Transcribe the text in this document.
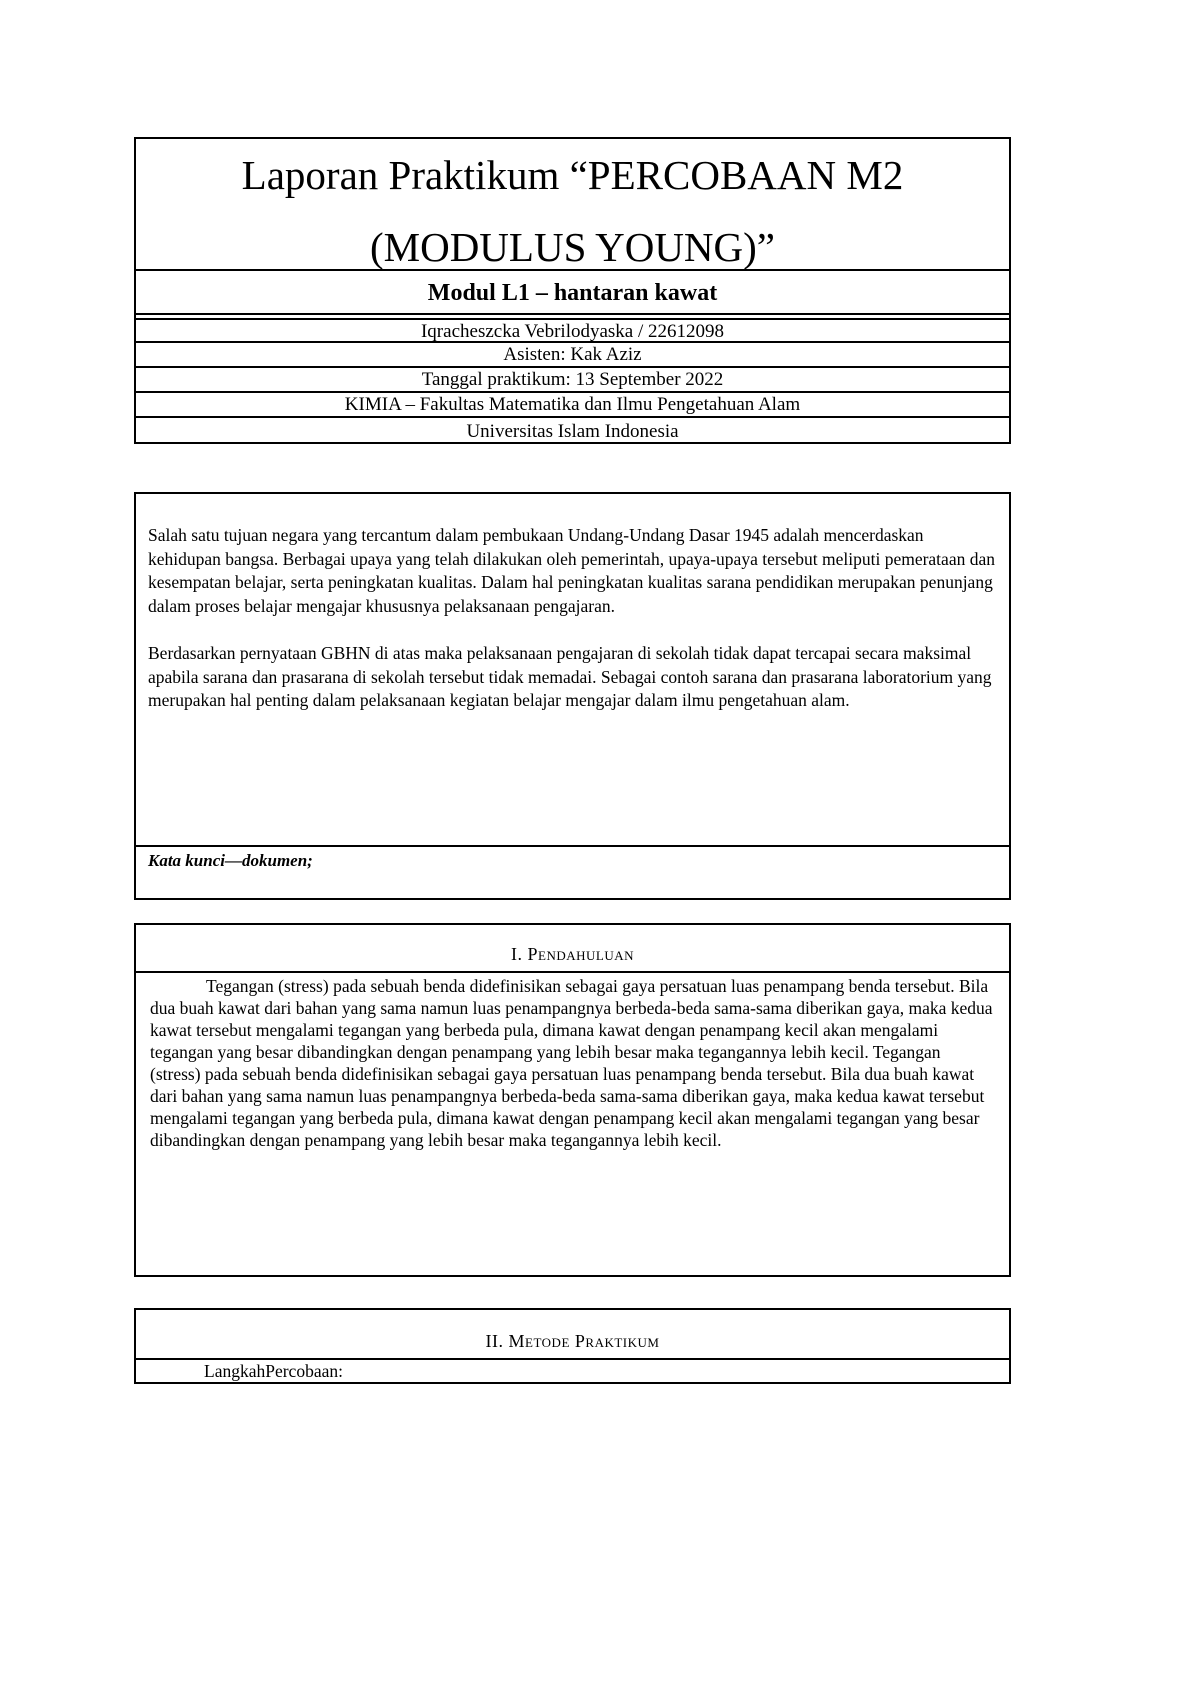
Laporan Praktikum “PERCOBAAN M2
(MODULUS YOUNG)”
Modul L1 – hantaran kawat
Iqracheszcka Vebrilodyaska / 22612098
Asisten: Kak Aziz
Tanggal praktikum: 13 September 2022
KIMIA – Fakultas Matematika dan Ilmu Pengetahuan Alam
Universitas Islam Indonesia

Salah satu tujuan negara yang tercantum dalam pembukaan Undang-Undang Dasar 1945 adalah mencerdaskan kehidupan bangsa. Berbagai upaya yang telah dilakukan oleh pemerintah, upaya-upaya tersebut meliputi pemerataan dan kesempatan belajar, serta peningkatan kualitas. Dalam hal peningkatan kualitas sarana pendidikan merupakan penunjang dalam proses belajar mengajar khususnya pelaksanaan pengajaran.

Berdasarkan pernyataan GBHN di atas maka pelaksanaan pengajaran di sekolah tidak dapat tercapai secara maksimal apabila sarana dan prasarana di sekolah tersebut tidak memadai. Sebagai contoh sarana dan prasarana laboratorium yang merupakan hal penting dalam pelaksanaan kegiatan belajar mengajar dalam ilmu pengetahuan alam.

Kata kunci—dokumen;
I. Pendahuluan

Tegangan (stress) pada sebuah benda didefinisikan sebagai gaya persatuan luas penampang benda tersebut. Bila dua buah kawat dari bahan yang sama namun luas penampangnya berbeda-beda sama-sama diberikan gaya, maka kedua kawat tersebut mengalami tegangan yang berbeda pula, dimana kawat dengan penampang kecil akan mengalami tegangan yang besar dibandingkan dengan penampang yang lebih besar maka tegangannya lebih kecil. Tegangan (stress) pada sebuah benda didefinisikan sebagai gaya persatuan luas penampang benda tersebut. Bila dua buah kawat dari bahan yang sama namun luas penampangnya berbeda-beda sama-sama diberikan gaya, maka kedua kawat tersebut mengalami tegangan yang berbeda pula, dimana kawat dengan penampang kecil akan mengalami tegangan yang besar dibandingkan dengan penampang yang lebih besar maka tegangannya lebih kecil.

II. Metode Praktikum
LangkahPercobaan:
